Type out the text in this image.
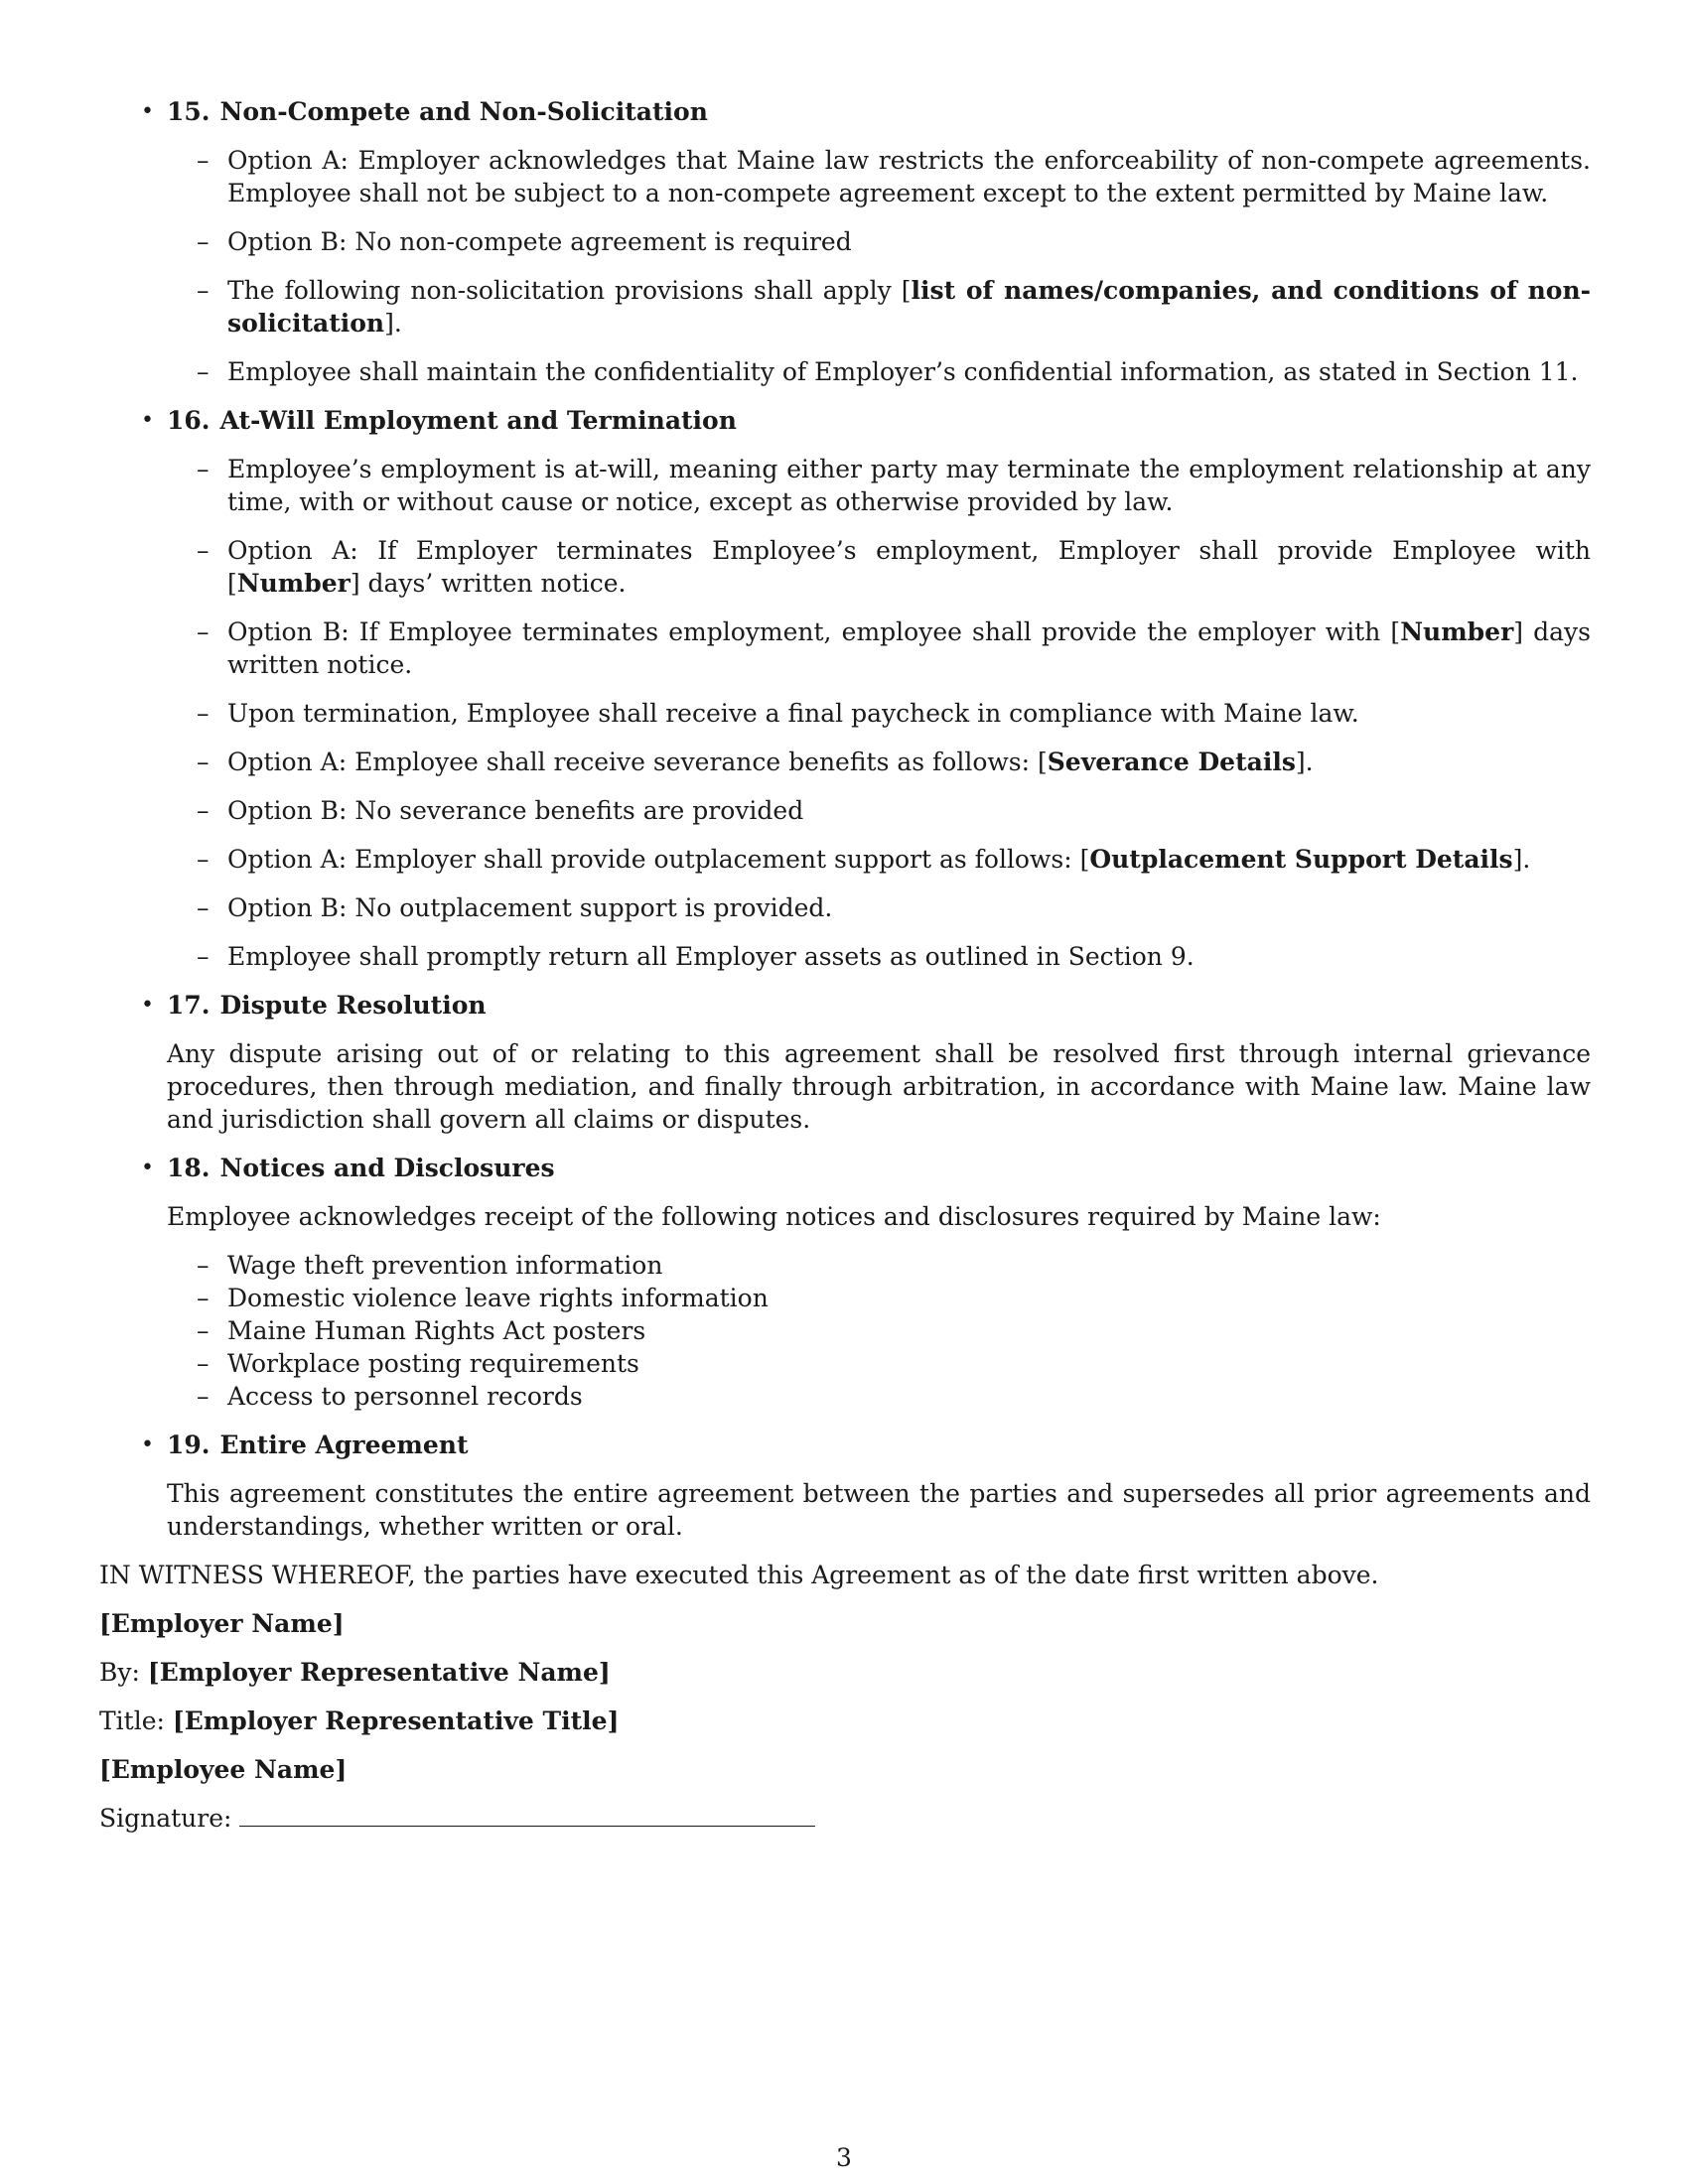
• 15. Non-Compete and Non-Solicitation
– Option A: Employer acknowledges that Maine law restricts the enforceability of non-compete agreements. Employee shall not be subject to a non-compete agreement except to the extent permitted by Maine law.
– Option B: No non-compete agreement is required
– The following non-solicitation provisions shall apply [list of names/companies, and conditions of non-solicitation].
– Employee shall maintain the confidentiality of Employer’s confidential information, as stated in Section 11.
• 16. At-Will Employment and Termination
– Employee’s employment is at-will, meaning either party may terminate the employment relationship at any time, with or without cause or notice, except as otherwise provided by law.
– Option A: If Employer terminates Employee’s employment, Employer shall provide Employee with [Number] days’ written notice.
– Option B: If Employee terminates employment, employee shall provide the employer with [Number] days written notice.
– Upon termination, Employee shall receive a final paycheck in compliance with Maine law.
– Option A: Employee shall receive severance benefits as follows: [Severance Details].
– Option B: No severance benefits are provided
– Option A: Employer shall provide outplacement support as follows: [Outplacement Support Details].
– Option B: No outplacement support is provided.
– Employee shall promptly return all Employer assets as outlined in Section 9.
• 17. Dispute Resolution
Any dispute arising out of or relating to this agreement shall be resolved first through internal grievance procedures, then through mediation, and finally through arbitration, in accordance with Maine law. Maine law and jurisdiction shall govern all claims or disputes.
• 18. Notices and Disclosures
Employee acknowledges receipt of the following notices and disclosures required by Maine law:
– Wage theft prevention information
– Domestic violence leave rights information
– Maine Human Rights Act posters
– Workplace posting requirements
– Access to personnel records
• 19. Entire Agreement
This agreement constitutes the entire agreement between the parties and supersedes all prior agreements and understandings, whether written or oral.
IN WITNESS WHEREOF, the parties have executed this Agreement as of the date first written above.
[Employer Name]
By: [Employer Representative Name]
Title: [Employer Representative Title]
[Employee Name]
Signature:
3
